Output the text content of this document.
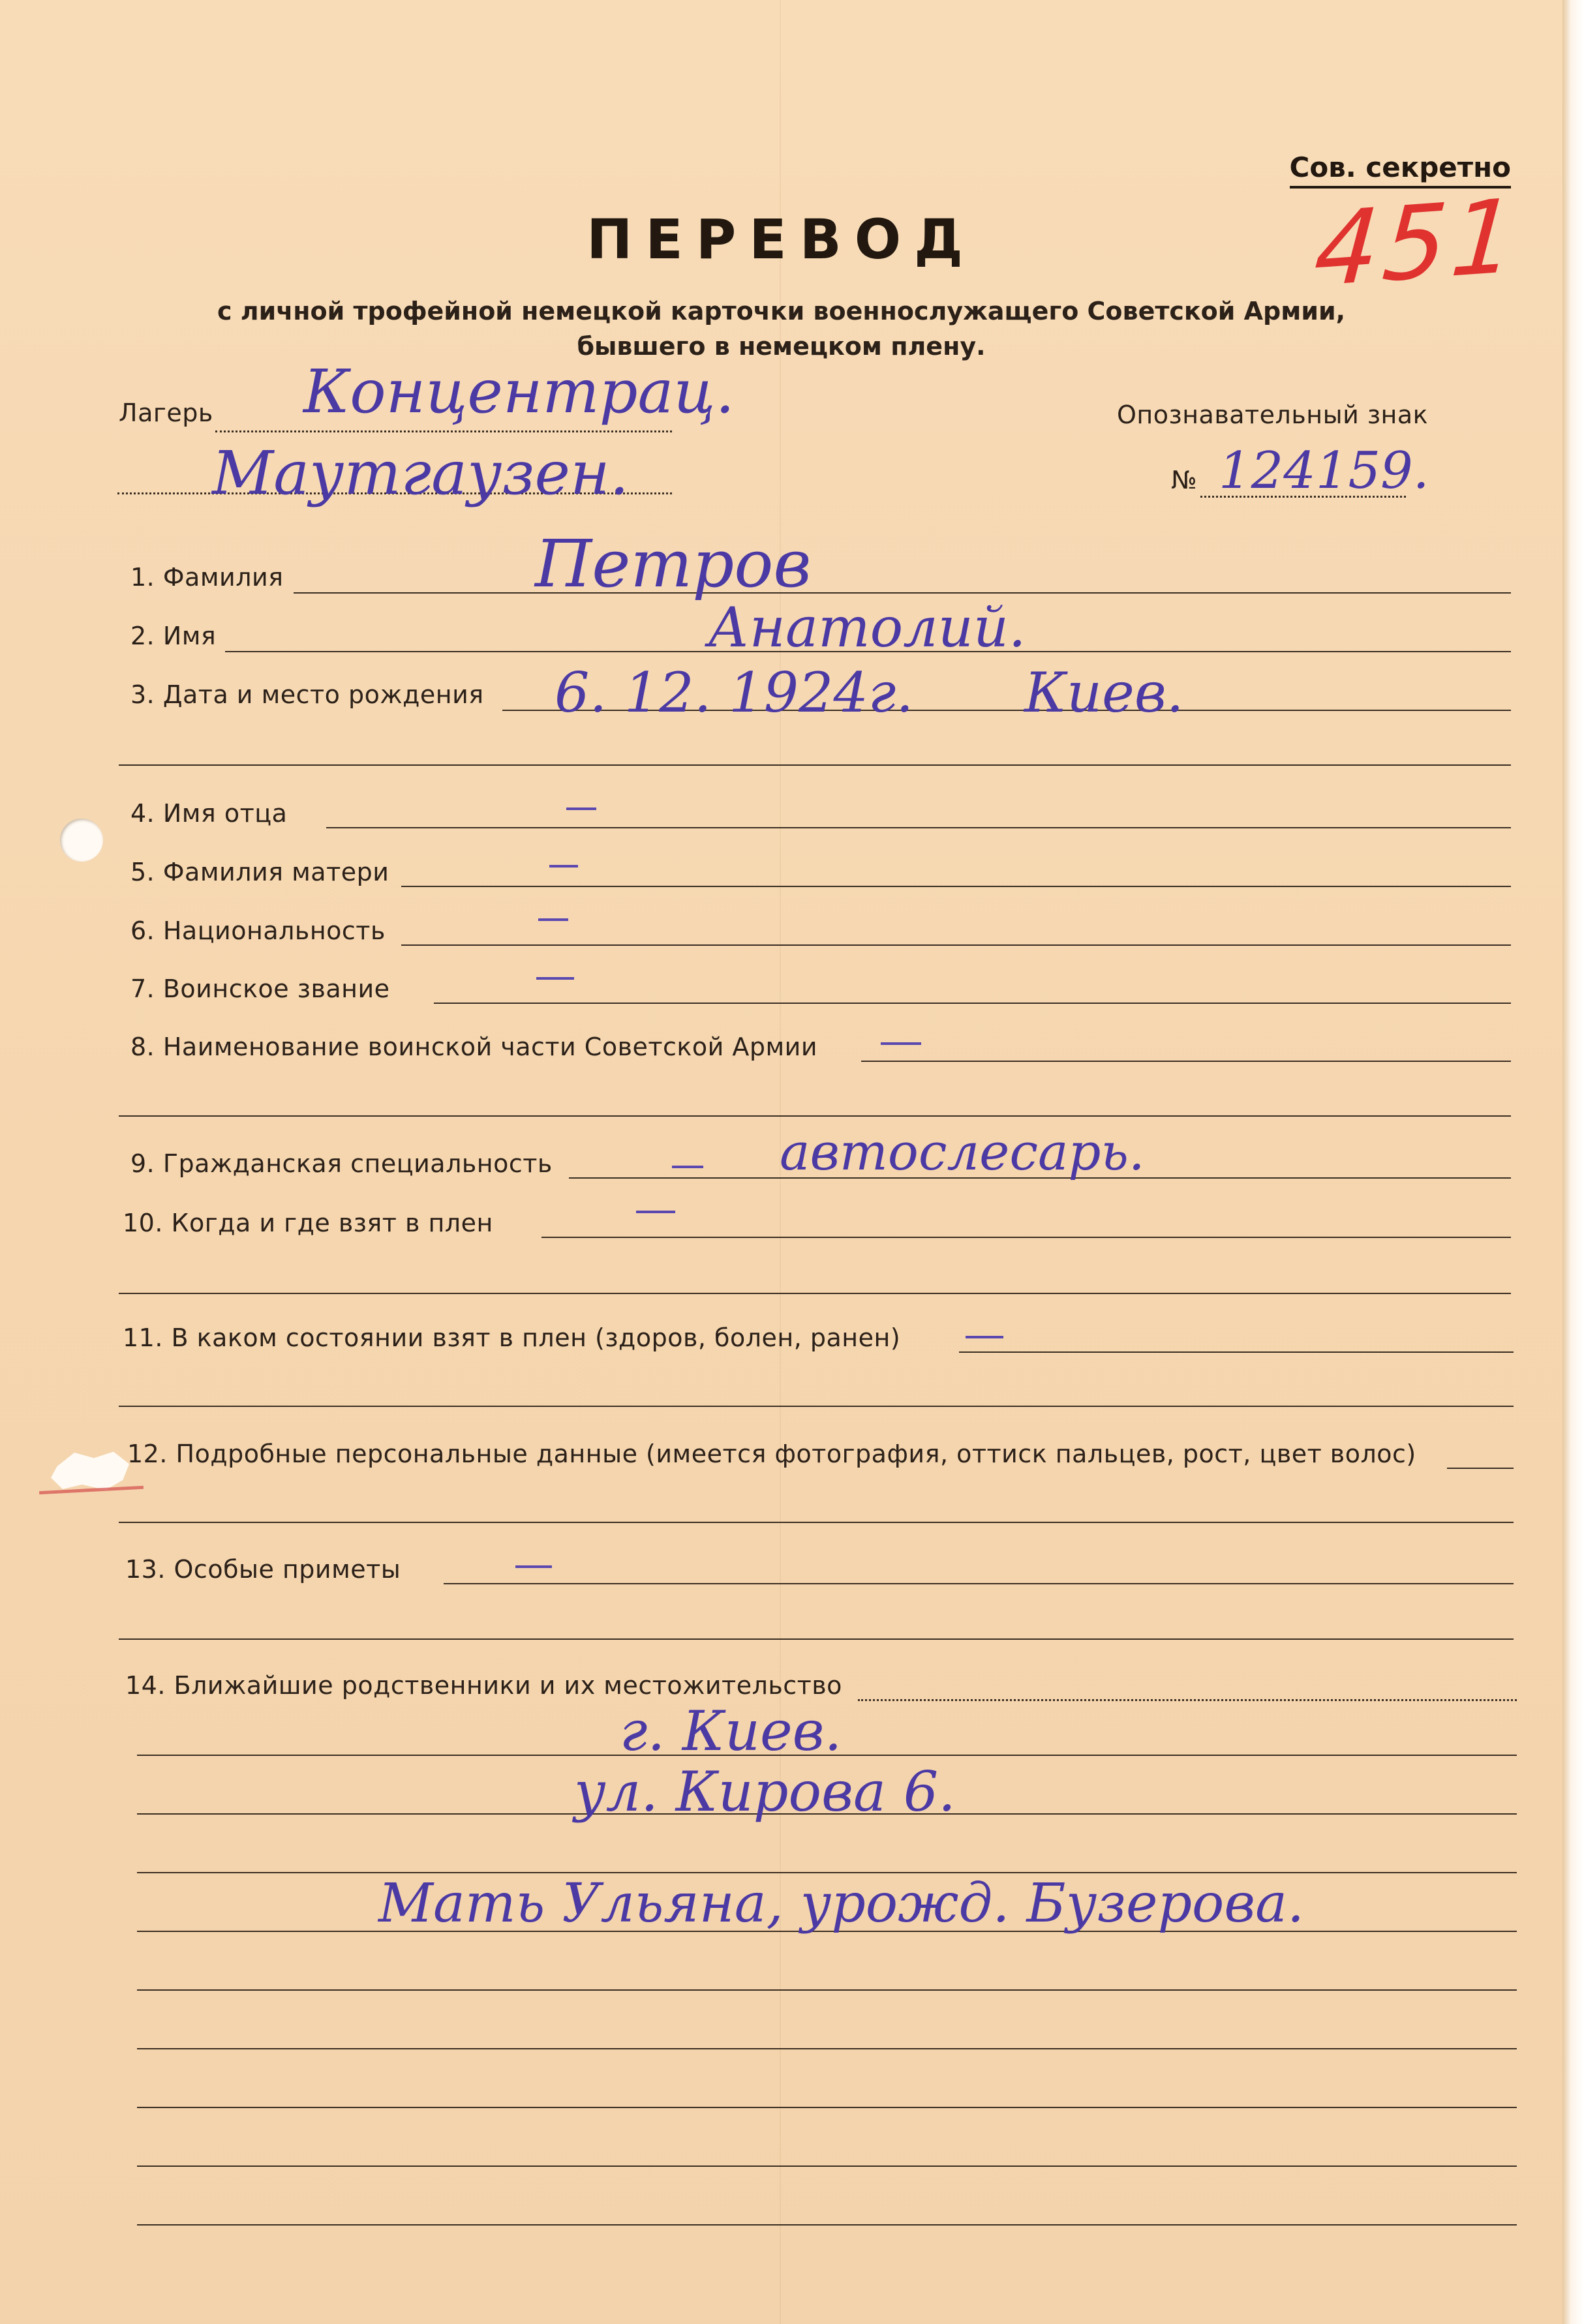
Сов. секретно
451
ПЕРЕВОД
с личной трофейной немецкой карточки военнослужащего Советской Армии,
бывшего в немецком плену.
Лагерь Концентрац.
Маутгаузен.
Опознавательный знак
№ 124159.
1. Фамилия	Петров
2. Имя	Анатолий.
3. Дата и место рождения 6. 12. 1924г. Киев.
4. Имя отца
5. Фамилия матери
6. Национальность
7. Воинское звание
8. Наименование воинской части Советской Армии
9. Гражданская специальность	автослесарь.
10. Когда и где взят в плен
11. В каком состоянии взят в плен (здоров, болен, ранен)
12. Подробные персональные данные (имеется фотография, оттиск пальцев, рост, цвет волос)
13. Особые приметы
14. Ближайшие родственники и их местожительство
г. Киев.
ул. Кирова 6.
Мать Ульяна, урожд. Бузерова.
